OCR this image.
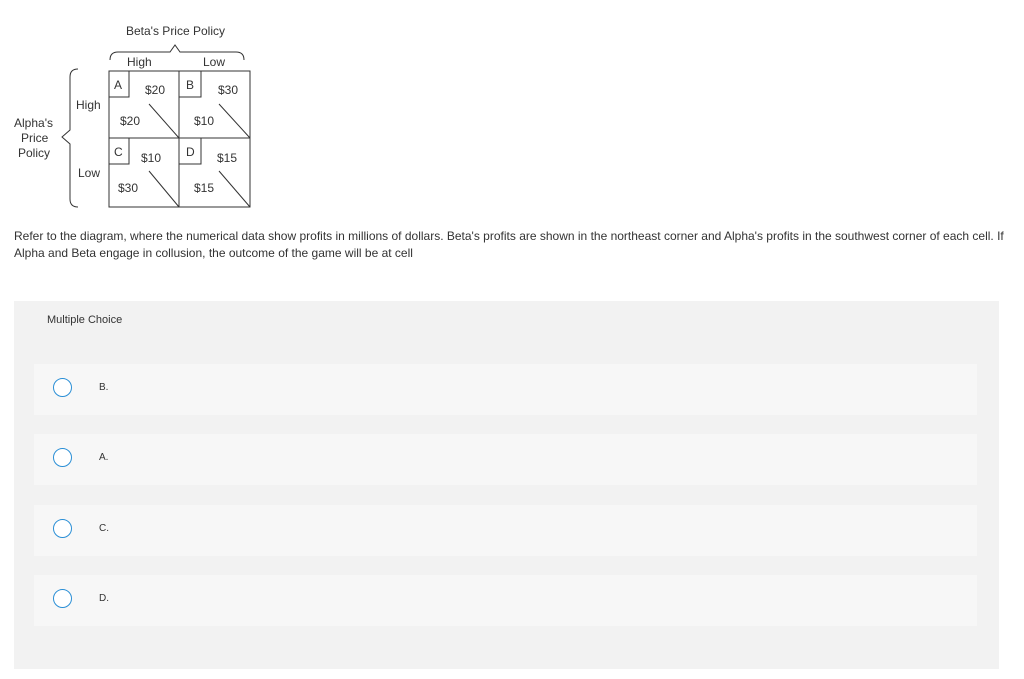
Beta's Price Policy
High	Low
Alpha's
Price
Policy
High
Low
A $20
$20
B $30
$10
C $10
$30
D $15
$15
Refer to the diagram, where the numerical data show profits in millions of dollars. Beta's profits are shown in the northeast corner and Alpha's profits in the southwest corner of each cell. If Alpha and Beta engage in collusion, the outcome of the game will be at cell
Multiple Choice
B.
A.
C.
D.
